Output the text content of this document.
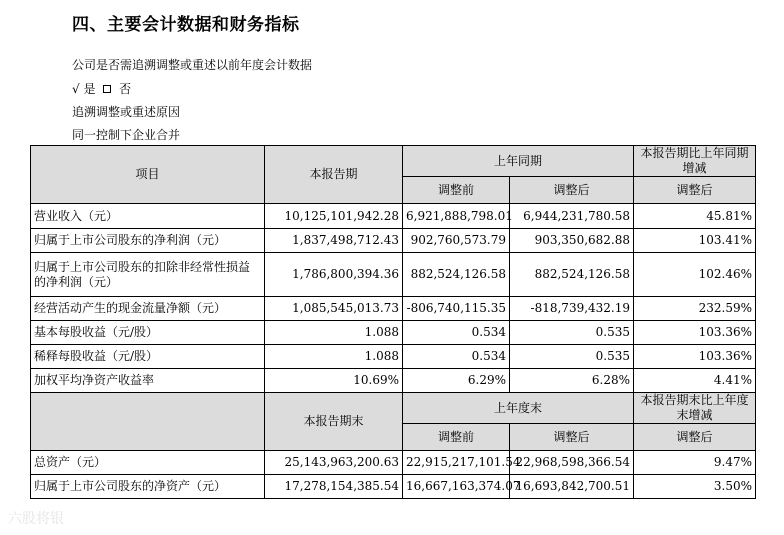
四、主要会计数据和财务指标
公司是否需追溯调整或重述以前年度会计数据
√ 是 否
追溯调整或重述原因
同一控制下企业合并
项目	本报告期	上年同期		本报告期比上年同期增减
		调整前	调整后	调整后
营业收入（元）	10,125,101,942.28	6,921,888,798.01	6,944,231,780.58	45.81%
归属于上市公司股东的净利润（元）	1,837,498,712.43	902,760,573.79	903,350,682.88	103.41%
归属于上市公司股东的扣除非经常性损益的净利润（元）	1,786,800,394.36	882,524,126.58	882,524,126.58	102.46%
经营活动产生的现金流量净额（元）	1,085,545,013.73	-806,740,115.35	-818,739,432.19	232.59%
基本每股收益（元/股）	1.088	0.534	0.535	103.36%
稀释每股收益（元/股）	1.088	0.534	0.535	103.36%
加权平均净资产收益率	10.69%	6.29%	6.28%	4.41%
	本报告期末	上年度末		本报告期末比上年度末增减
		调整前	调整后	调整后
总资产（元）	25,143,963,200.63	22,915,217,101.54	22,968,598,366.54	9.47%
归属于上市公司股东的净资产（元）	17,278,154,385.54	16,667,163,374.07	16,693,842,700.51	3.50%
六股将银
